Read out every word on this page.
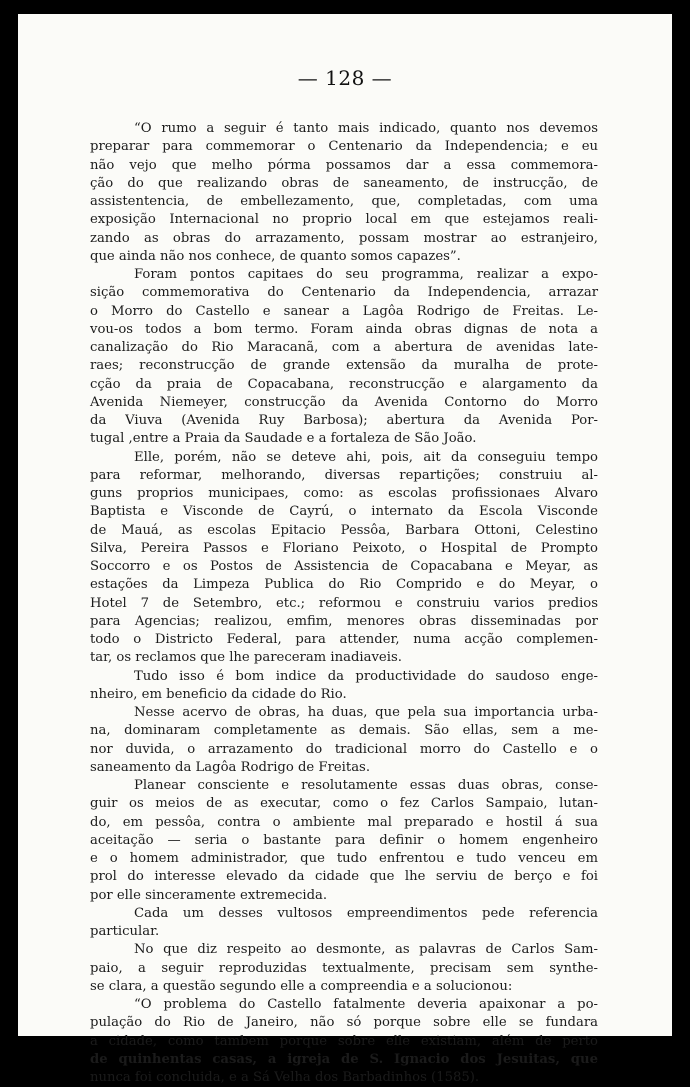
— 128 —

“O rumo a seguir é tanto mais indicado, quanto nos devemos
preparar para commemorar o Centenario da Independencia; e eu
não vejo que melho pórma possamos dar a essa commemora-
ção do que realizando obras de saneamento, de instrucção, de
assistentencia, de embellezamento, que, completadas, com uma
exposição Internacional no proprio local em que estejamos reali-
zando as obras do arrazamento, possam mostrar ao estranjeiro,
que ainda não nos conhece, de quanto somos capazes”.

Foram pontos capitaes do seu programma, realizar a expo-
sição commemorativa do Centenario da Independencia, arrazar
o Morro do Castello e sanear a Lagôa Rodrigo de Freitas. Le-
vou-os todos a bom termo. Foram ainda obras dignas de nota a
canalização do Rio Maracanã, com a abertura de avenidas late-
raes; reconstrucção de grande extensão da muralha de prote-
cção da praia de Copacabana, reconstrucção e alargamento da
Avenida Niemeyer, construcção da Avenida Contorno do Morro
da Viuva (Avenida Ruy Barbosa); abertura da Avenida Por-
tugal ,entre a Praia da Saudade e a fortaleza de São João.

Elle, porém, não se deteve ahi, pois, ait da conseguiu tempo
para reformar, melhorando, diversas repartições; construiu al-
guns proprios municipaes, como: as escolas profissionaes Alvaro
Baptista e Visconde de Cayrú, o internato da Escola Visconde
de Mauá, as escolas Epitacio Pessôa, Barbara Ottoni, Celestino
Silva, Pereira Passos e Floriano Peixoto, o Hospital de Prompto
Soccorro e os Postos de Assistencia de Copacabana e Meyar, as
estações da Limpeza Publica do Rio Comprido e do Meyar, o
Hotel 7 de Setembro, etc.; reformou e construiu varios predios
para Agencias; realizou, emfim, menores obras disseminadas por
todo o Districto Federal, para attender, numa acção complemen-
tar, os reclamos que lhe pareceram inadiaveis.

Tudo isso é bom indice da productividade do saudoso enge-
nheiro, em beneficio da cidade do Rio.

Nesse acervo de obras, ha duas, que pela sua importancia urba-
na, dominaram completamente as demais. São ellas, sem a me-
nor duvida, o arrazamento do tradicional morro do Castello e o
saneamento da Lagôa Rodrigo de Freitas.

Planear consciente e resolutamente essas duas obras, conse-
guir os meios de as executar, como o fez Carlos Sampaio, lutan-
do, em pessôa, contra o ambiente mal preparado e hostil á sua
aceitação — seria o bastante para definir o homem engenheiro
e o homem administrador, que tudo enfrentou e tudo venceu em
prol do interesse elevado da cidade que lhe serviu de berço e foi
por elle sinceramente extremecida.

Cada um desses vultosos empreendimentos pede referencia
particular.

No que diz respeito ao desmonte, as palavras de Carlos Sam-
paio, a seguir reproduzidas textualmente, precisam sem synthe-
se clara, a questão segundo elle a compreendia e a solucionou:

“O problema do Castello fatalmente deveria apaixonar a po-
pulação do Rio de Janeiro, não só porque sobre elle se fundara
a cidade, como tambem porque sobre elle existiam, além de perto
de quinhentas casas, a igreja de S. Ignacio dos Jesuitas, que
nunca foi concluida, e a Sá Velha dos Barbadinhos (1585).
